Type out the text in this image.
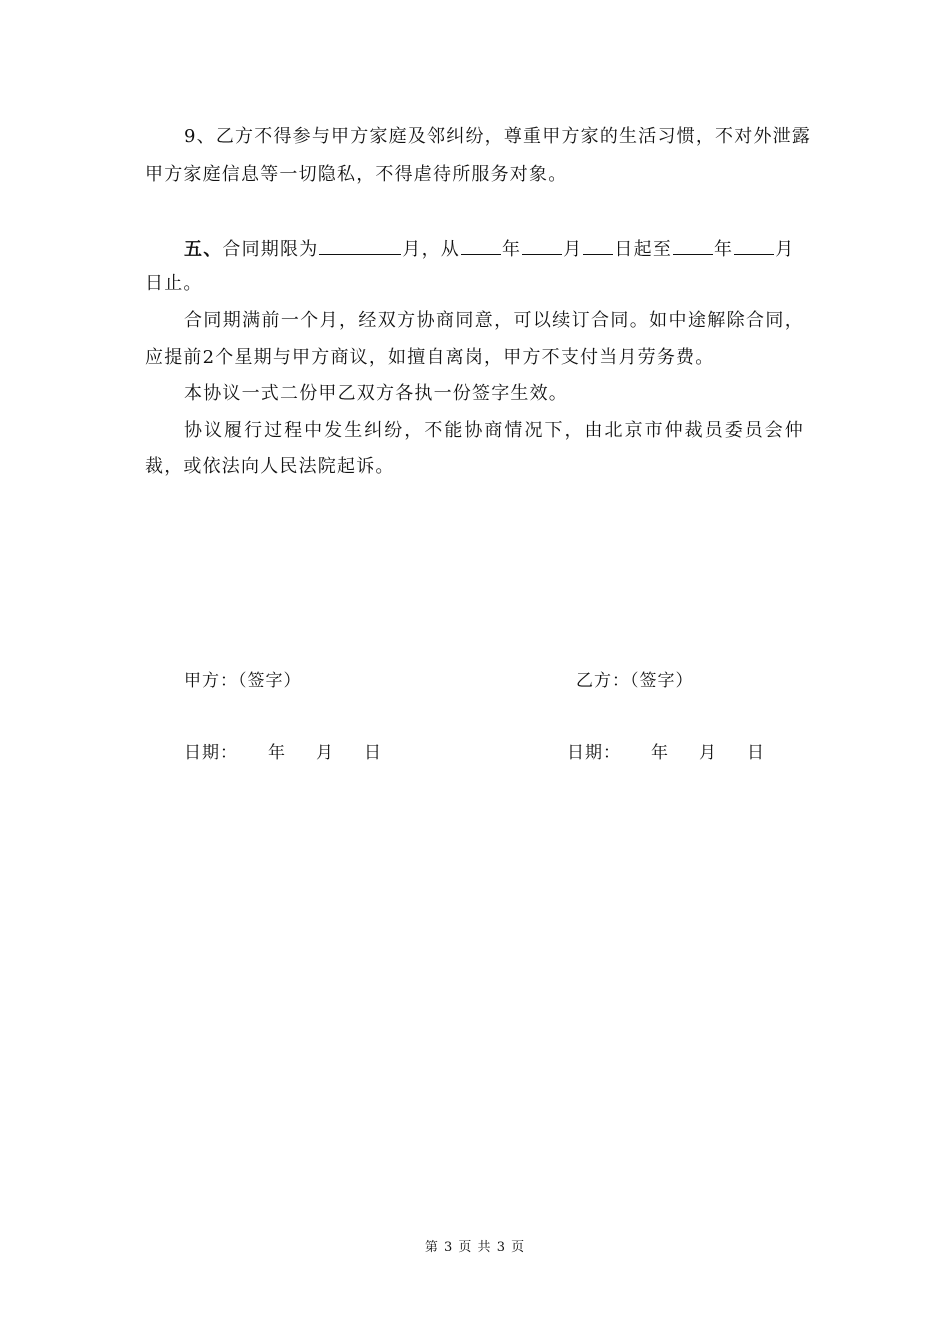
9、乙方不得参与甲方家庭及邻纠纷，尊重甲方家的生活习惯，不对外泄露
甲方家庭信息等一切隐私，不得虐待所服务对象。
五、合同期限为	月，从 年 月 日起至 年 月
日止。
合同期满前一个月，经双方协商同意，可以续订合同。如中途解除合同，
应提前2个星期与甲方商议，如擅自离岗，甲方不支付当月劳务费。
本协议一式二份甲乙双方各执一份签字生效。
协议履行过程中发生纠纷，不能协商情况下，由北京市仲裁员委员会仲
裁，或依法向人民法院起诉。
甲方：（签字）	乙方：（签字）
日期： 年 月 日	日期： 年 月 日
第 3 页 共 3 页
